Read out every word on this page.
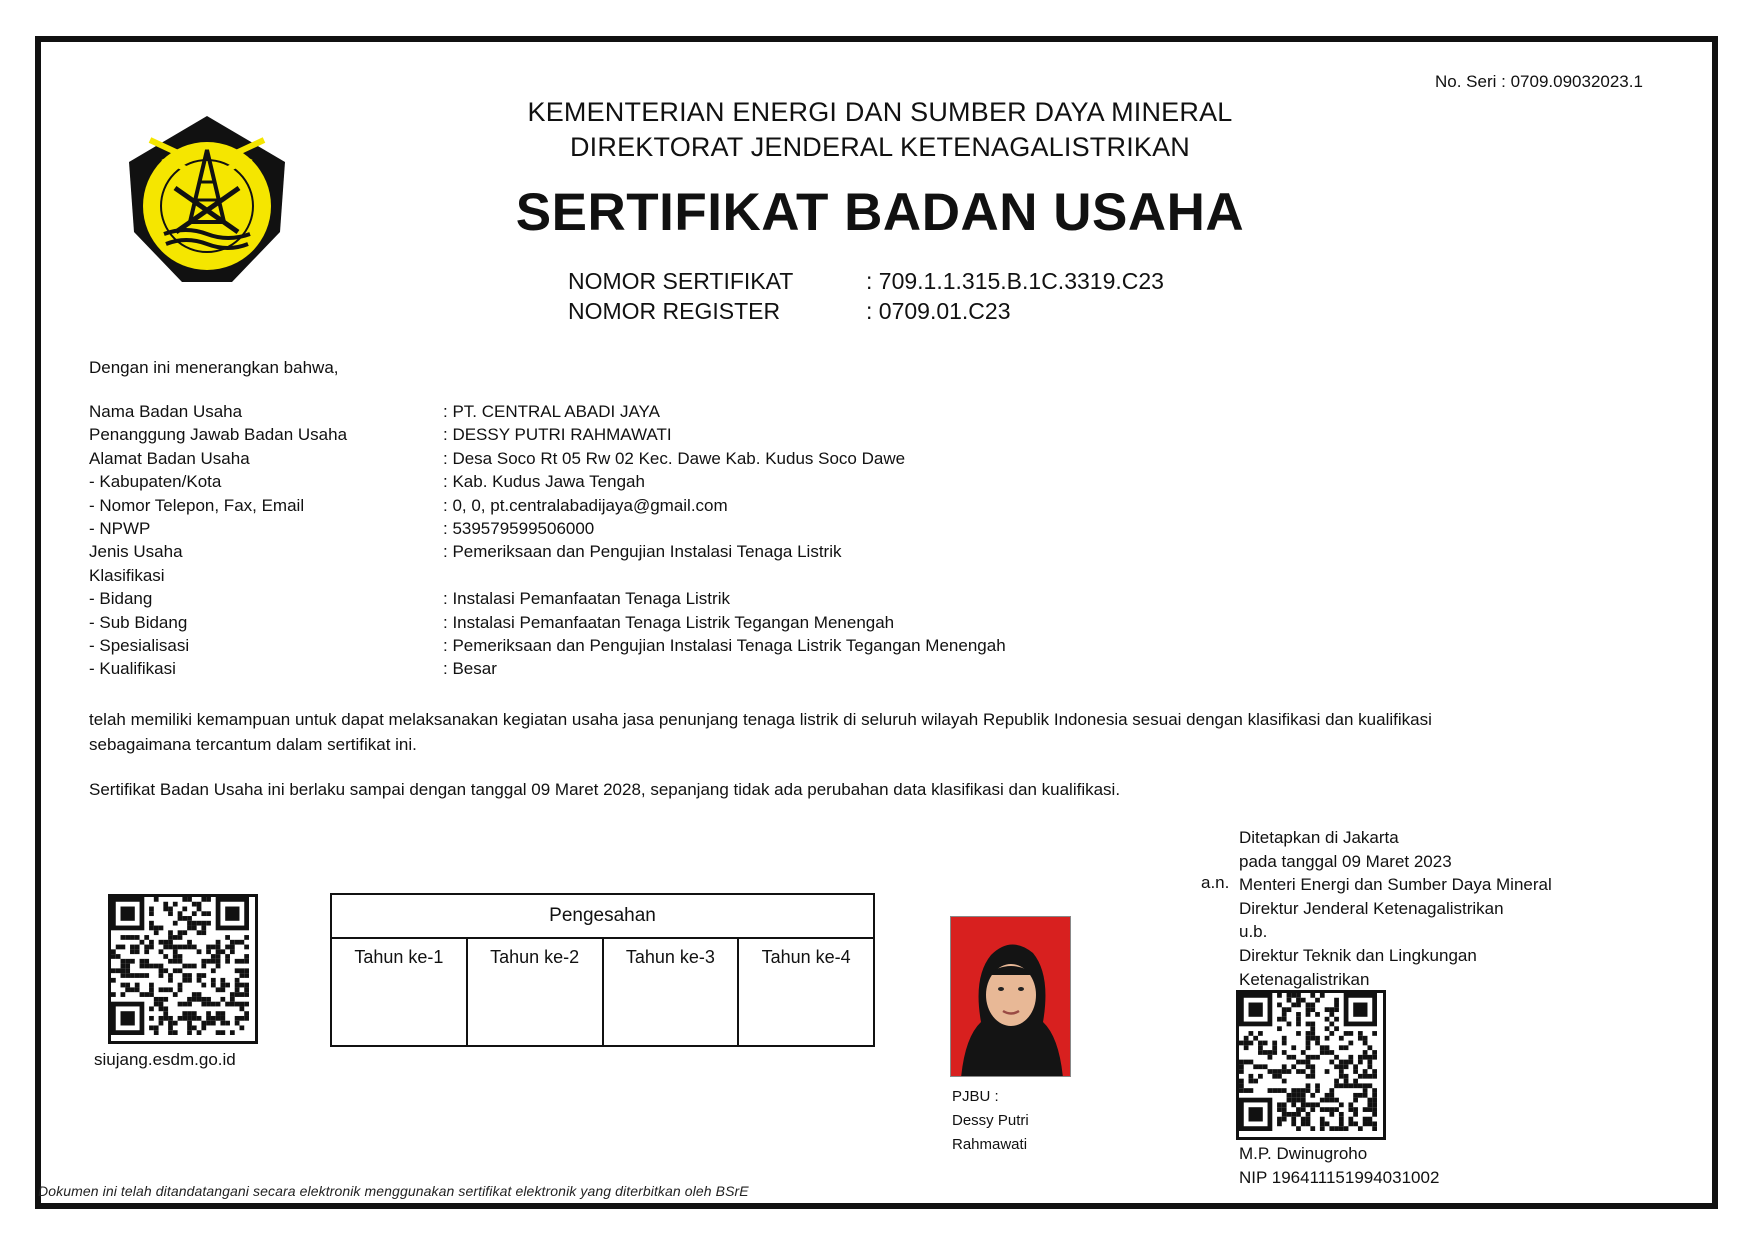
No. Seri : 0709.09032023.1
KEMENTERIAN ENERGI DAN SUMBER DAYA MINERAL
DIREKTORAT JENDERAL KETENAGALISTRIKAN
SERTIFIKAT BADAN USAHA
NOMOR SERTIFIKAT	: 709.1.1.315.B.1C.3319.C23
NOMOR REGISTER	: 0709.01.C23
Dengan ini menerangkan bahwa,
Nama Badan Usaha	: PT. CENTRAL ABADI JAYA
Penanggung Jawab Badan Usaha	: DESSY PUTRI RAHMAWATI
Alamat Badan Usaha	: Desa Soco Rt 05 Rw 02 Kec. Dawe Kab. Kudus Soco Dawe
- Kabupaten/Kota	: Kab. Kudus Jawa Tengah
- Nomor Telepon, Fax, Email	: 0, 0, pt.centralabadijaya@gmail.com
- NPWP	: 539579599506000
Jenis Usaha	: Pemeriksaan dan Pengujian Instalasi Tenaga Listrik
Klasifikasi
- Bidang	: Instalasi Pemanfaatan Tenaga Listrik
- Sub Bidang	: Instalasi Pemanfaatan Tenaga Listrik Tegangan Menengah
- Spesialisasi	: Pemeriksaan dan Pengujian Instalasi Tenaga Listrik Tegangan Menengah
- Kualifikasi	: Besar
telah memiliki kemampuan untuk dapat melaksanakan kegiatan usaha jasa penunjang tenaga listrik di seluruh wilayah Republik Indonesia sesuai dengan klasifikasi dan kualifikasi
sebagaimana tercantum dalam sertifikat ini.
Sertifikat Badan Usaha ini berlaku sampai dengan tanggal 09 Maret 2028, sepanjang tidak ada perubahan data klasifikasi dan kualifikasi.
Ditetapkan di Jakarta
pada tanggal 09 Maret 2023
Menteri Energi dan Sumber Daya Mineral
Direktur Jenderal Ketenagalistrikan
u.b.
Direktur Teknik dan Lingkungan
Ketenagalistrikan
a.n.
siujang.esdm.go.id
Pengesahan
Tahun ke-1	Tahun ke-2	Tahun ke-3	Tahun ke-4
PJBU :
Dessy Putri
Rahmawati	M.P. Dwinugroho
NIP 196411151994031002
Dokumen ini telah ditandatangani secara elektronik menggunakan sertifikat elektronik yang diterbitkan oleh BSrE
